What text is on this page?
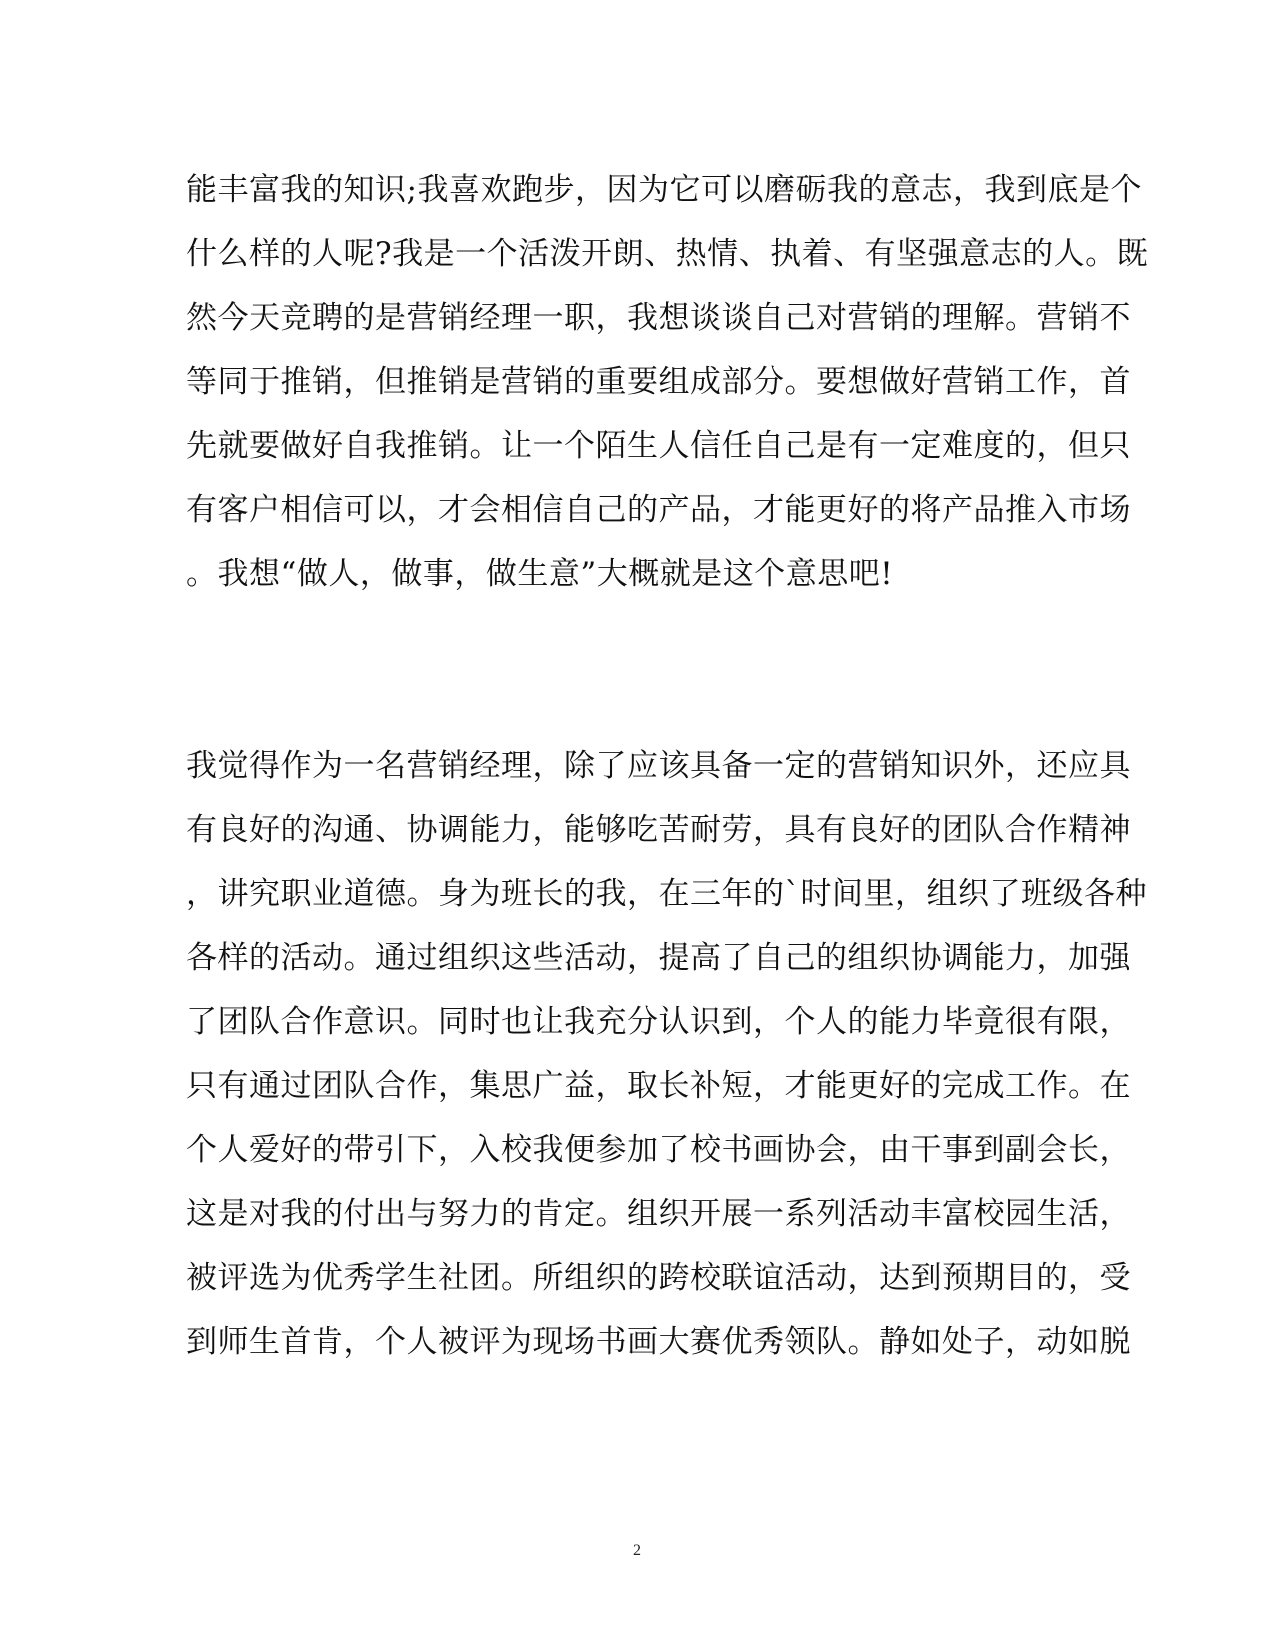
能丰富我的知识;我喜欢跑步，因为它可以磨砺我的意志，我到底是个
什么样的人呢?我是一个活泼开朗、热情、执着、有坚强意志的人。既
然今天竞聘的是营销经理一职，我想谈谈自己对营销的理解。营销不
等同于推销，但推销是营销的重要组成部分。要想做好营销工作，首
先就要做好自我推销。让一个陌生人信任自己是有一定难度的，但只
有客户相信可以，才会相信自己的产品，才能更好的将产品推入市场
。我想“做人，做事，做生意”大概就是这个意思吧!
我觉得作为一名营销经理，除了应该具备一定的营销知识外，还应具
有良好的沟通、协调能力，能够吃苦耐劳，具有良好的团队合作精神
，讲究职业道德。身为班长的我，在三年的`时间里，组织了班级各种
各样的活动。通过组织这些活动，提高了自己的组织协调能力，加强
了团队合作意识。同时也让我充分认识到，个人的能力毕竟很有限，
只有通过团队合作，集思广益，取长补短，才能更好的完成工作。在
个人爱好的带引下，入校我便参加了校书画协会，由干事到副会长，
这是对我的付出与努力的肯定。组织开展一系列活动丰富校园生活，
被评选为优秀学生社团。所组织的跨校联谊活动，达到预期目的，受
到师生首肯，个人被评为现场书画大赛优秀领队。静如处子，动如脱
2
